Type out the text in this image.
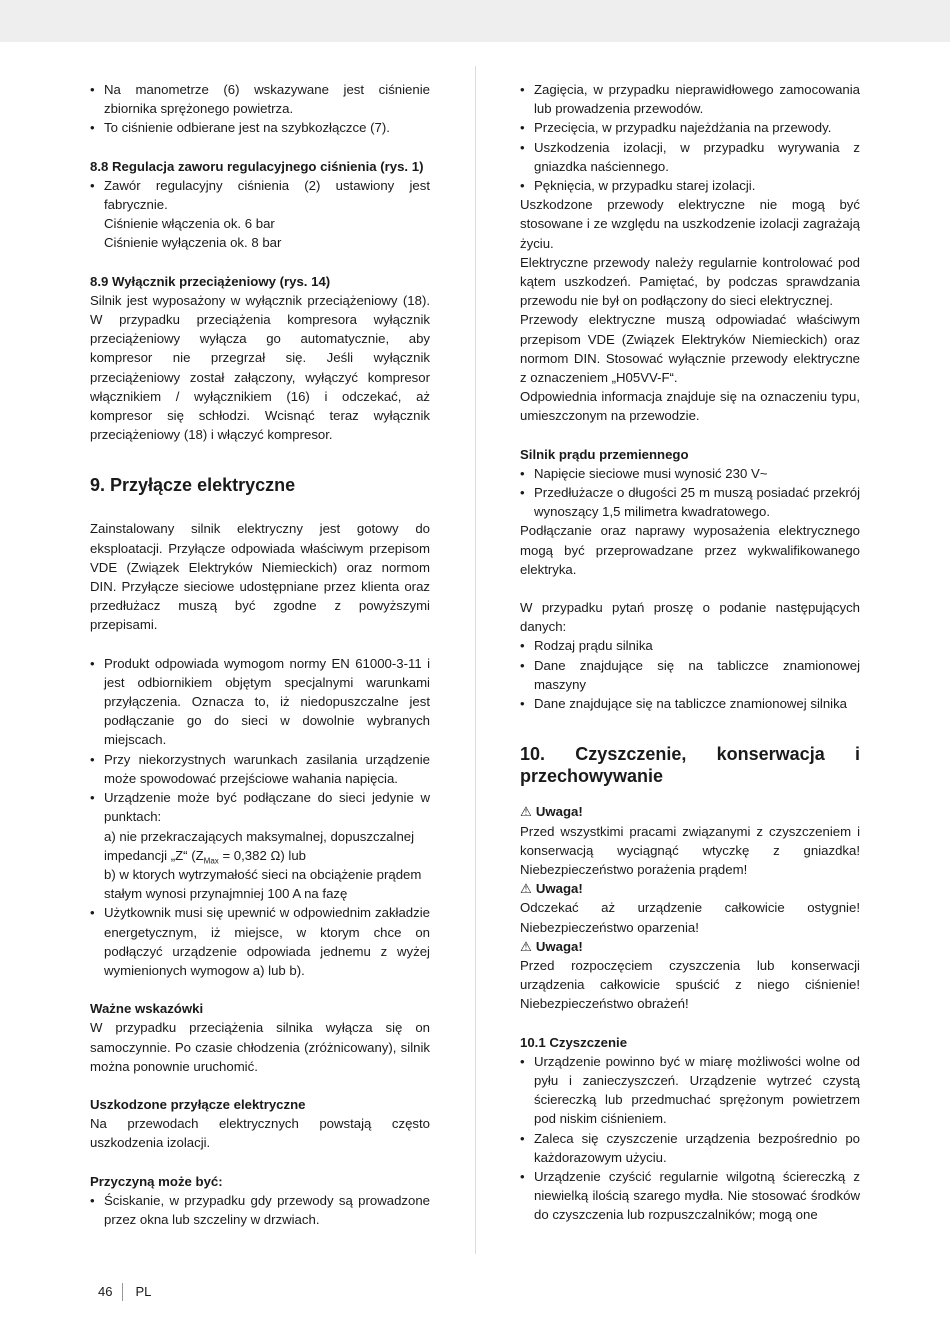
• Na manometrze (6) wskazywane jest ciśnienie zbiornika sprężonego powietrza.
• To ciśnienie odbierane jest na szybkozłączce (7).

8.8 Regulacja zaworu regulacyjnego ciśnienia (rys. 1)

• Zawór regulacyjny ciśnienia (2) ustawiony jest fabrycznie.
Ciśnienie włączenia ok. 6 bar
Ciśnienie wyłączenia ok. 8 bar

8.9 Wyłącznik przeciążeniowy (rys. 14)

Silnik jest wyposażony w wyłącznik przeciążeniowy (18). W przypadku przeciążenia kompresora wyłącznik przeciążeniowy wyłącza go automatycznie, aby kompresor nie przegrzał się. Jeśli wyłącznik przeciążeniowy został załączony, wyłączyć kompresor włącznikiem / wyłącznikiem (16) i odczekać, aż kompresor się schłodzi. Wcisnąć teraz wyłącznik przeciążeniowy (18) i włączyć kompresor.

9. Przyłącze elektryczne

Zainstalowany silnik elektryczny jest gotowy do eksploatacji. Przyłącze odpowiada właściwym przepisom VDE (Związek Elektryków Niemieckich) oraz normom DIN. Przyłącze sieciowe udostępniane przez klienta oraz przedłużacz muszą być zgodne z powyższymi przepisami.

• Produkt odpowiada wymogom normy EN 61000-3-11 i jest odbiornikiem objętym specjalnymi warunkami przyłączenia. Oznacza to, iż niedopuszczalne jest podłączanie go do sieci w dowolnie wybranych miejscach.
• Przy niekorzystnych warunkach zasilania urządzenie może spowodować przejściowe wahania napięcia.
• Urządzenie może być podłączane do sieci jedynie w punktach:
a) nie przekraczających maksymalnej, dopuszczalnej impedancji „Z“ ($Z_{Max} = 0,382$ Ω) lub
b) w ktorych wytrzymałość sieci na obciążenie prądem stałym wynosi przynajmniej 100 A na fazę
• Użytkownik musi się upewnić w odpowiednim zakładzie energetycznym, iż miejsce, w ktorym chce on podłączyć urządzenie odpowiada jednemu z wyżej wymienionych wymogow a) lub b).

Ważne wskazówki

W przypadku przeciążenia silnika wyłącza się on samoczynnie. Po czasie chłodzenia (zróżnicowany), silnik można ponownie uruchomić.

Uszkodzone przyłącze elektryczne

Na przewodach elektrycznych powstają często uszkodzenia izolacji.

Przyczyną może być:

• Ściskanie, w przypadku gdy przewody są prowadzone przez okna lub szczeliny w drzwiach.
• Zagięcia, w przypadku nieprawidłowego zamocowania lub prowadzenia przewodów.
• Przecięcia, w przypadku najeżdżania na przewody.
• Uszkodzenia izolacji, w przypadku wyrywania z gniazdka naściennego.
• Pęknięcia, w przypadku starej izolacji.

Uszkodzone przewody elektryczne nie mogą być stosowane i ze względu na uszkodzenie izolacji zagrażają życiu.

Elektryczne przewody należy regularnie kontrolować pod kątem uszkodzeń. Pamiętać, by podczas sprawdzania przewodu nie był on podłączony do sieci elektrycznej.

Przewody elektryczne muszą odpowiadać właściwym przepisom VDE (Związek Elektryków Niemieckich) oraz normom DIN. Stosować wyłącznie przewody elektryczne z oznaczeniem „H05VV-F“.

Odpowiednia informacja znajduje się na oznaczeniu typu, umieszczonym na przewodzie.

Silnik prądu przemiennego

• Napięcie sieciowe musi wynosić 230 V~
• Przedłużacze o długości 25 m muszą posiadać przekrój wynoszący 1,5 milimetra kwadratowego.

Podłączanie oraz naprawy wyposażenia elektrycznego mogą być przeprowadzane przez wykwalifikowanego elektryka.

W przypadku pytań proszę o podanie następujących danych:

• Rodzaj prądu silnika
• Dane znajdujące się na tabliczce znamionowej maszyny
• Dane znajdujące się na tabliczce znamionowej silnika

10. Czyszczenie, konserwacja i przechowywanie

⚠ Uwaga!

Przed wszystkimi pracami związanymi z czyszczeniem i konserwacją wyciągnąć wtyczkę z gniazdka! Niebezpieczeństwo porażenia prądem!

⚠ Uwaga!

Odczekać aż urządzenie całkowicie ostygnie! Niebezpieczeństwo oparzenia!

⚠ Uwaga!

Przed rozpoczęciem czyszczenia lub konserwacji urządzenia całkowicie spuścić z niego ciśnienie! Niebezpieczeństwo obrażeń!

10.1 Czyszczenie

• Urządzenie powinno być w miarę możliwości wolne od pyłu i zanieczyszczeń. Urządzenie wytrzeć czystą ściereczką lub przedmuchać sprężonym powietrzem pod niskim ciśnieniem.
• Zaleca się czyszczenie urządzenia bezpośrednio po każdorazowym użyciu.
• Urządzenie czyścić regularnie wilgotną ściereczką z niewielką ilością szarego mydła. Nie stosować środków do czyszczenia lub rozpuszczalników; mogą one
46 PL
